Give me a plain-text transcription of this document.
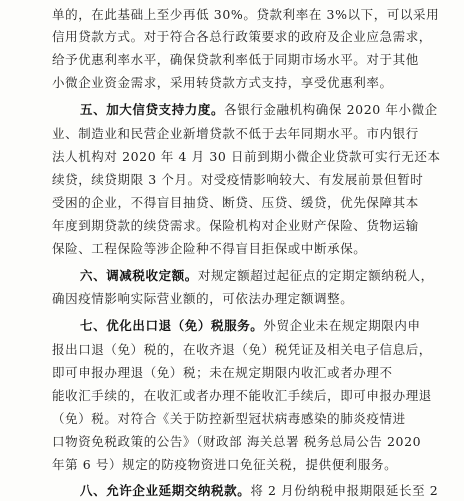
单的，在此基础上至少再低 30%。贷款利率在 3%以下，可以采用
信用贷款方式。对于符合各总行政策要求的政府及企业应急需求，
给予优惠利率水平，确保贷款利率低于同期市场水平。对于其他
小微企业资金需求，采用转贷款方式支持，享受优惠利率。
五、加大信贷支持力度。各银行金融机构确保 2020 年小微企
业、制造业和民营企业新增贷款不低于去年同期水平。市内银行
法人机构对 2020 年 4 月 30 日前到期小微企业贷款可实行无还本
续贷，续贷期限 3 个月。对受疫情影响较大、有发展前景但暂时
受困的企业，不得盲目抽贷、断贷、压贷、缓贷，优先保障其本
年度到期贷款的续贷需求。保险机构对企业财产保险、货物运输
保险、工程保险等涉企险种不得盲目拒保或中断承保。
六、调减税收定额。对规定额超过起征点的定期定额纳税人，
确因疫情影响实际营业额的，可依法办理定额调整。
七、优化出口退（免）税服务。外贸企业未在规定期限内申
报出口退（免）税的，在收齐退（免）税凭证及相关电子信息后，
即可申报办理退（免）税；未在规定期限内收汇或者办理不
能收汇手续的，在收汇或者办理不能收汇手续后，即可申报办理退
（免）税。对符合《关于防控新型冠状病毒感染的肺炎疫情进
口物资免税政策的公告》（财政部 海关总署 税务总局公告 2020
年第 6 号）规定的防疫物资进口免征关税，提供便利服务。
八、允许企业延期交纳税款。将 2 月份纳税申报期限延长至 2
